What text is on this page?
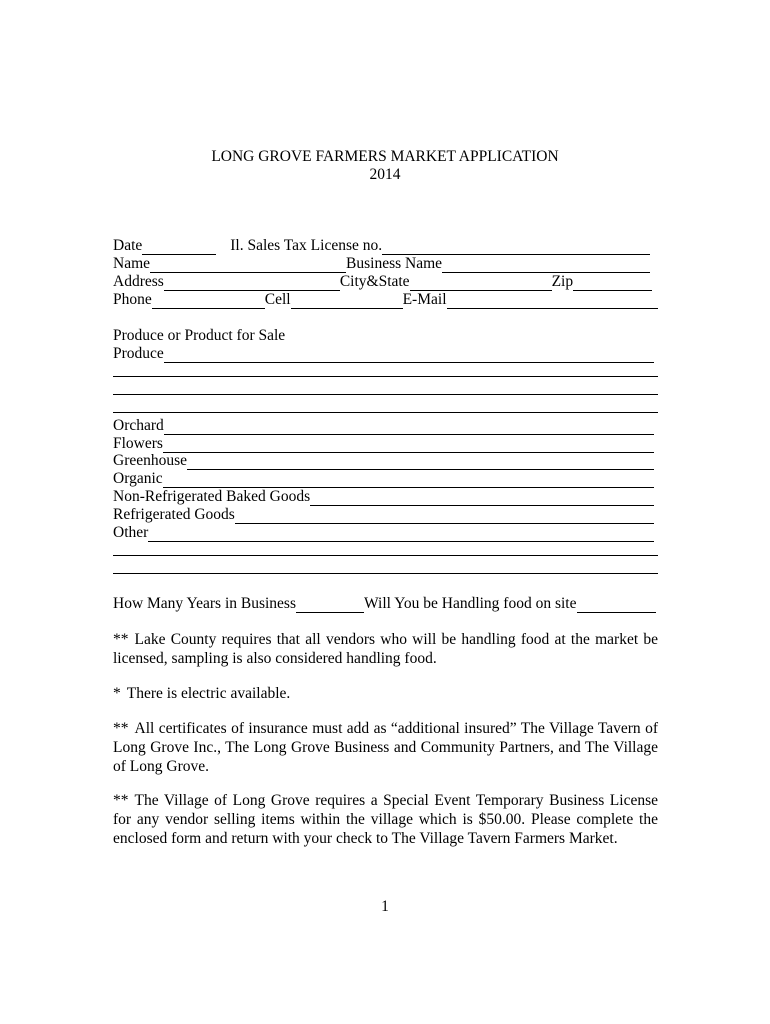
LONG GROVE FARMERS MARKET APPLICATION
2014
Date	Il. Sales Tax License no.
Name	Business Name
Address	City&State	Zip
Phone	Cell	E-Mail
Produce or Product for Sale
Produce
Orchard
Flowers
Greenhouse
Organic
Non-Refrigerated Baked Goods
Refrigerated Goods
Other
How Many Years in Business	Will You be Handling food on site
** Lake County requires that all vendors who will be handling food at the market be licensed, sampling is also considered handling food.
* There is electric available.
** All certificates of insurance must add as “additional insured” The Village Tavern of Long Grove Inc., The Long Grove Business and Community Partners, and The Village of Long Grove.
** The Village of Long Grove requires a Special Event Temporary Business License for any vendor selling items within the village which is $50.00. Please complete the enclosed form and return with your check to The Village Tavern Farmers Market.
1
